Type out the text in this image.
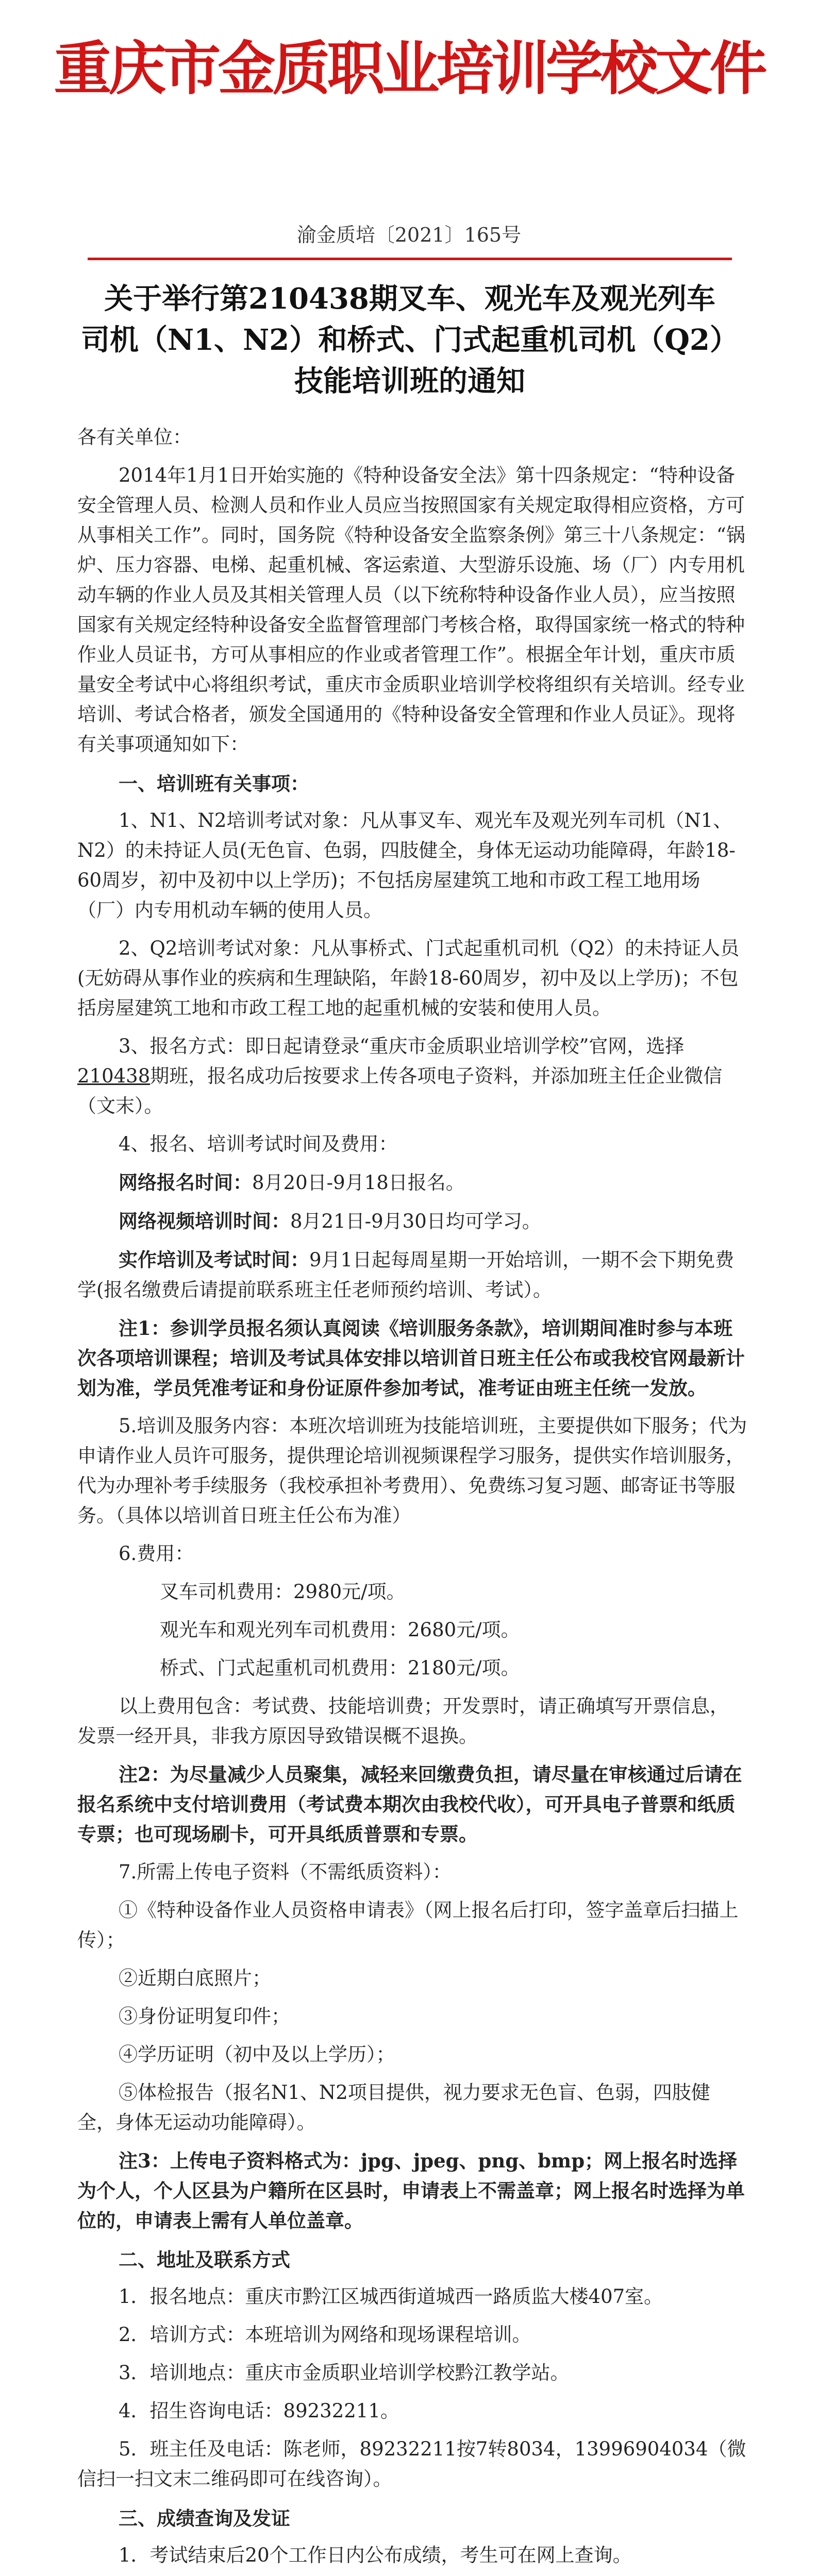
重庆市金质职业培训学校文件
渝金质培〔2021〕165号
关于举行第210438期叉车、观光车及观光列车
司机（N1、N2）和桥式、门式起重机司机（Q2）
技能培训班的通知

各有关单位：

2014年1月1日开始实施的《特种设备安全法》第十四条规定：“特种设备安全管理人员、检测人员和作业人员应当按照国家有关规定取得相应资格，方可从事相关工作”。同时，国务院《特种设备安全监察条例》第三十八条规定：“锅炉、压力容器、电梯、起重机械、客运索道、大型游乐设施、场（厂）内专用机动车辆的作业人员及其相关管理人员（以下统称特种设备作业人员），应当按照国家有关规定经特种设备安全监督管理部门考核合格，取得国家统一格式的特种作业人员证书，方可从事相应的作业或者管理工作”。根据全年计划，重庆市质量安全考试中心将组织考试，重庆市金质职业培训学校将组织有关培训。经专业培训、考试合格者，颁发全国通用的《特种设备安全管理和作业人员证》。现将有关事项通知如下：

一、培训班有关事项：

1、N1、N2培训考试对象：凡从事叉车、观光车及观光列车司机（N1、N2）的未持证人员(无色盲、色弱，四肢健全，身体无运动功能障碍，年龄18-60周岁，初中及初中以上学历)；不包括房屋建筑工地和市政工程工地用场（厂）内专用机动车辆的使用人员。

2、Q2培训考试对象：凡从事桥式、门式起重机司机（Q2）的未持证人员(无妨碍从事作业的疾病和生理缺陷，年龄18-60周岁，初中及以上学历)；不包括房屋建筑工地和市政工程工地的起重机械的安装和使用人员。

3、报名方式：即日起请登录“重庆市金质职业培训学校”官网，选择210438期班，报名成功后按要求上传各项电子资料，并添加班主任企业微信（文末）。

4、报名、培训考试时间及费用：

网络报名时间：8月20日-9月18日报名。

网络视频培训时间：8月21日-9月30日均可学习。

实作培训及考试时间：9月1日起每周星期一开始培训，一期不会下期免费学(报名缴费后请提前联系班主任老师预约培训、考试）。

注1：参训学员报名须认真阅读《培训服务条款》，培训期间准时参与本班次各项培训课程；培训及考试具体安排以培训首日班主任公布或我校官网最新计划为准，学员凭准考证和身份证原件参加考试，准考证由班主任统一发放。

5.培训及服务内容：本班次培训班为技能培训班，主要提供如下服务；代为申请作业人员许可服务，提供理论培训视频课程学习服务，提供实作培训服务，代为办理补考手续服务（我校承担补考费用）、免费练习复习题、邮寄证书等服务。（具体以培训首日班主任公布为准）

6.费用：

叉车司机费用：2980元/项。

观光车和观光列车司机费用：2680元/项。

桥式、门式起重机司机费用：2180元/项。

以上费用包含：考试费、技能培训费；开发票时，请正确填写开票信息，发票一经开具，非我方原因导致错误概不退换。

注2：为尽量减少人员聚集，减轻来回缴费负担，请尽量在审核通过后请在报名系统中支付培训费用（考试费本期次由我校代收），可开具电子普票和纸质专票；也可现场刷卡，可开具纸质普票和专票。

7.所需上传电子资料（不需纸质资料）：

①《特种设备作业人员资格申请表》（网上报名后打印，签字盖章后扫描上传）；

②近期白底照片；

③身份证明复印件；

④学历证明（初中及以上学历）；

⑤体检报告（报名N1、N2项目提供，视力要求无色盲、色弱，四肢健全，身体无运动功能障碍）。

注3：上传电子资料格式为：jpg、jpeg、png、bmp；网上报名时选择为个人，个人区县为户籍所在区县时，申请表上不需盖章；网上报名时选择为单位的，申请表上需有人单位盖章。

二、地址及联系方式

1．报名地点：重庆市黔江区城西街道城西一路质监大楼407室。

2．培训方式：本班培训为网络和现场课程培训。

3．培训地点：重庆市金质职业培训学校黔江教学站。

4．招生咨询电话：89232211。

5．班主任及电话：陈老师，89232211按7转8034，13996904034（微信扫一扫文末二维码即可在线咨询）。

三、成绩查询及发证

1．考试结束后20个工作日内公布成绩，考生可在网上查询。
